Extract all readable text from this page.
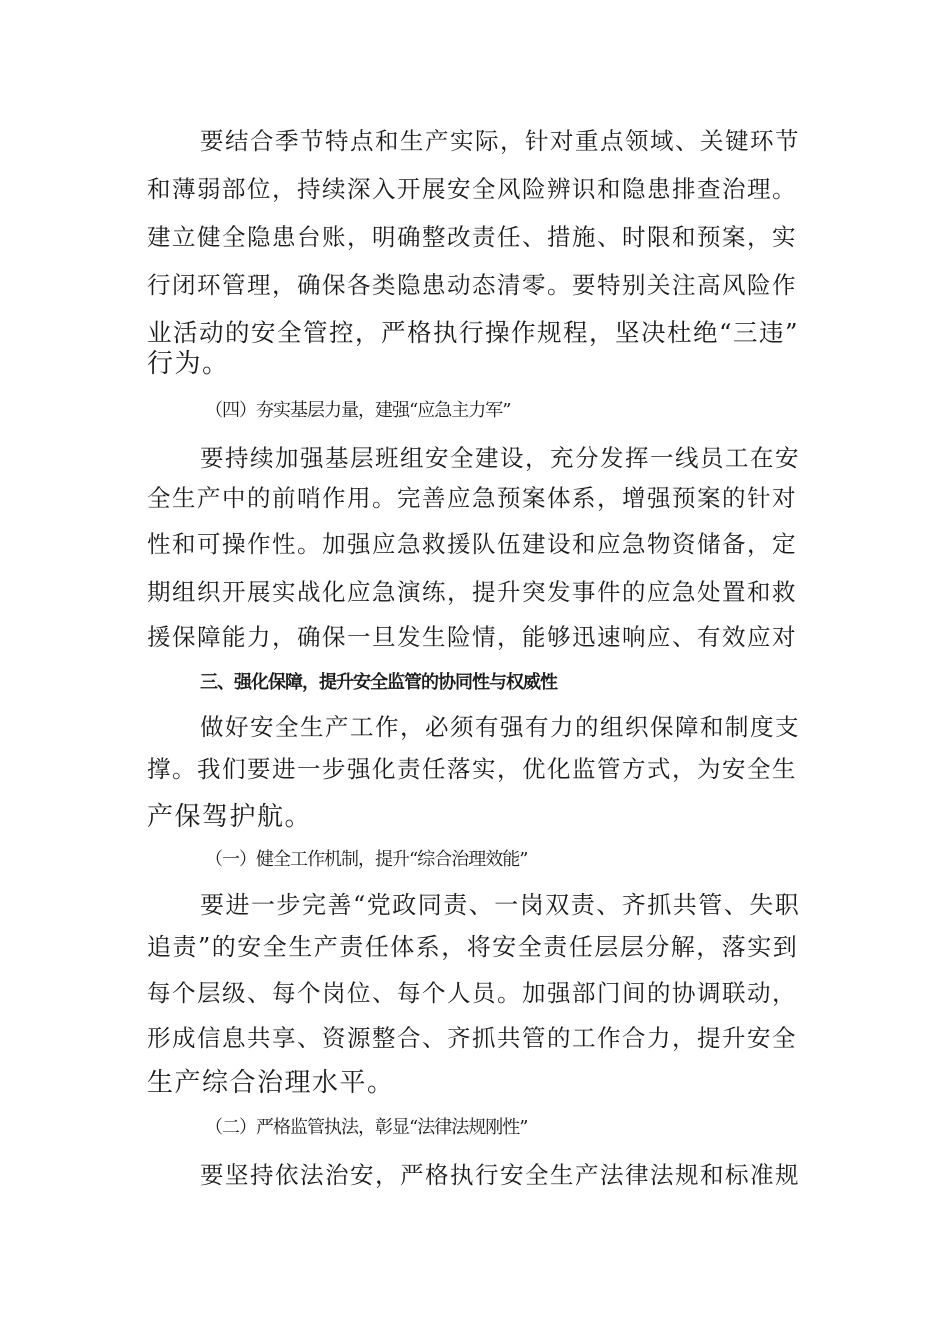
要结合季节特点和生产实际，针对重点领域、关键环节
和薄弱部位，持续深入开展安全风险辨识和隐患排查治理。
建立健全隐患台账，明确整改责任、措施、时限和预案，实
行闭环管理，确保各类隐患动态清零。要特别关注高风险作
业活动的安全管控，严格执行操作规程，坚决杜绝“三违”
行为。
（四）夯实基层力量，建强“应急主力军”
要持续加强基层班组安全建设，充分发挥一线员工在安
全生产中的前哨作用。完善应急预案体系，增强预案的针对
性和可操作性。加强应急救援队伍建设和应急物资储备，定
期组织开展实战化应急演练，提升突发事件的应急处置和救
援保障能力，确保一旦发生险情，能够迅速响应、有效应对
三、强化保障，提升安全监管的协同性与权威性
做好安全生产工作，必须有强有力的组织保障和制度支
撑。我们要进一步强化责任落实，优化监管方式，为安全生
产保驾护航。
（一）健全工作机制，提升“综合治理效能”
要进一步完善“党政同责、一岗双责、齐抓共管、失职
追责”的安全生产责任体系，将安全责任层层分解，落实到
每个层级、每个岗位、每个人员。加强部门间的协调联动，
形成信息共享、资源整合、齐抓共管的工作合力，提升安全
生产综合治理水平。
（二）严格监管执法，彰显“法律法规刚性”
要坚持依法治安，严格执行安全生产法律法规和标准规
